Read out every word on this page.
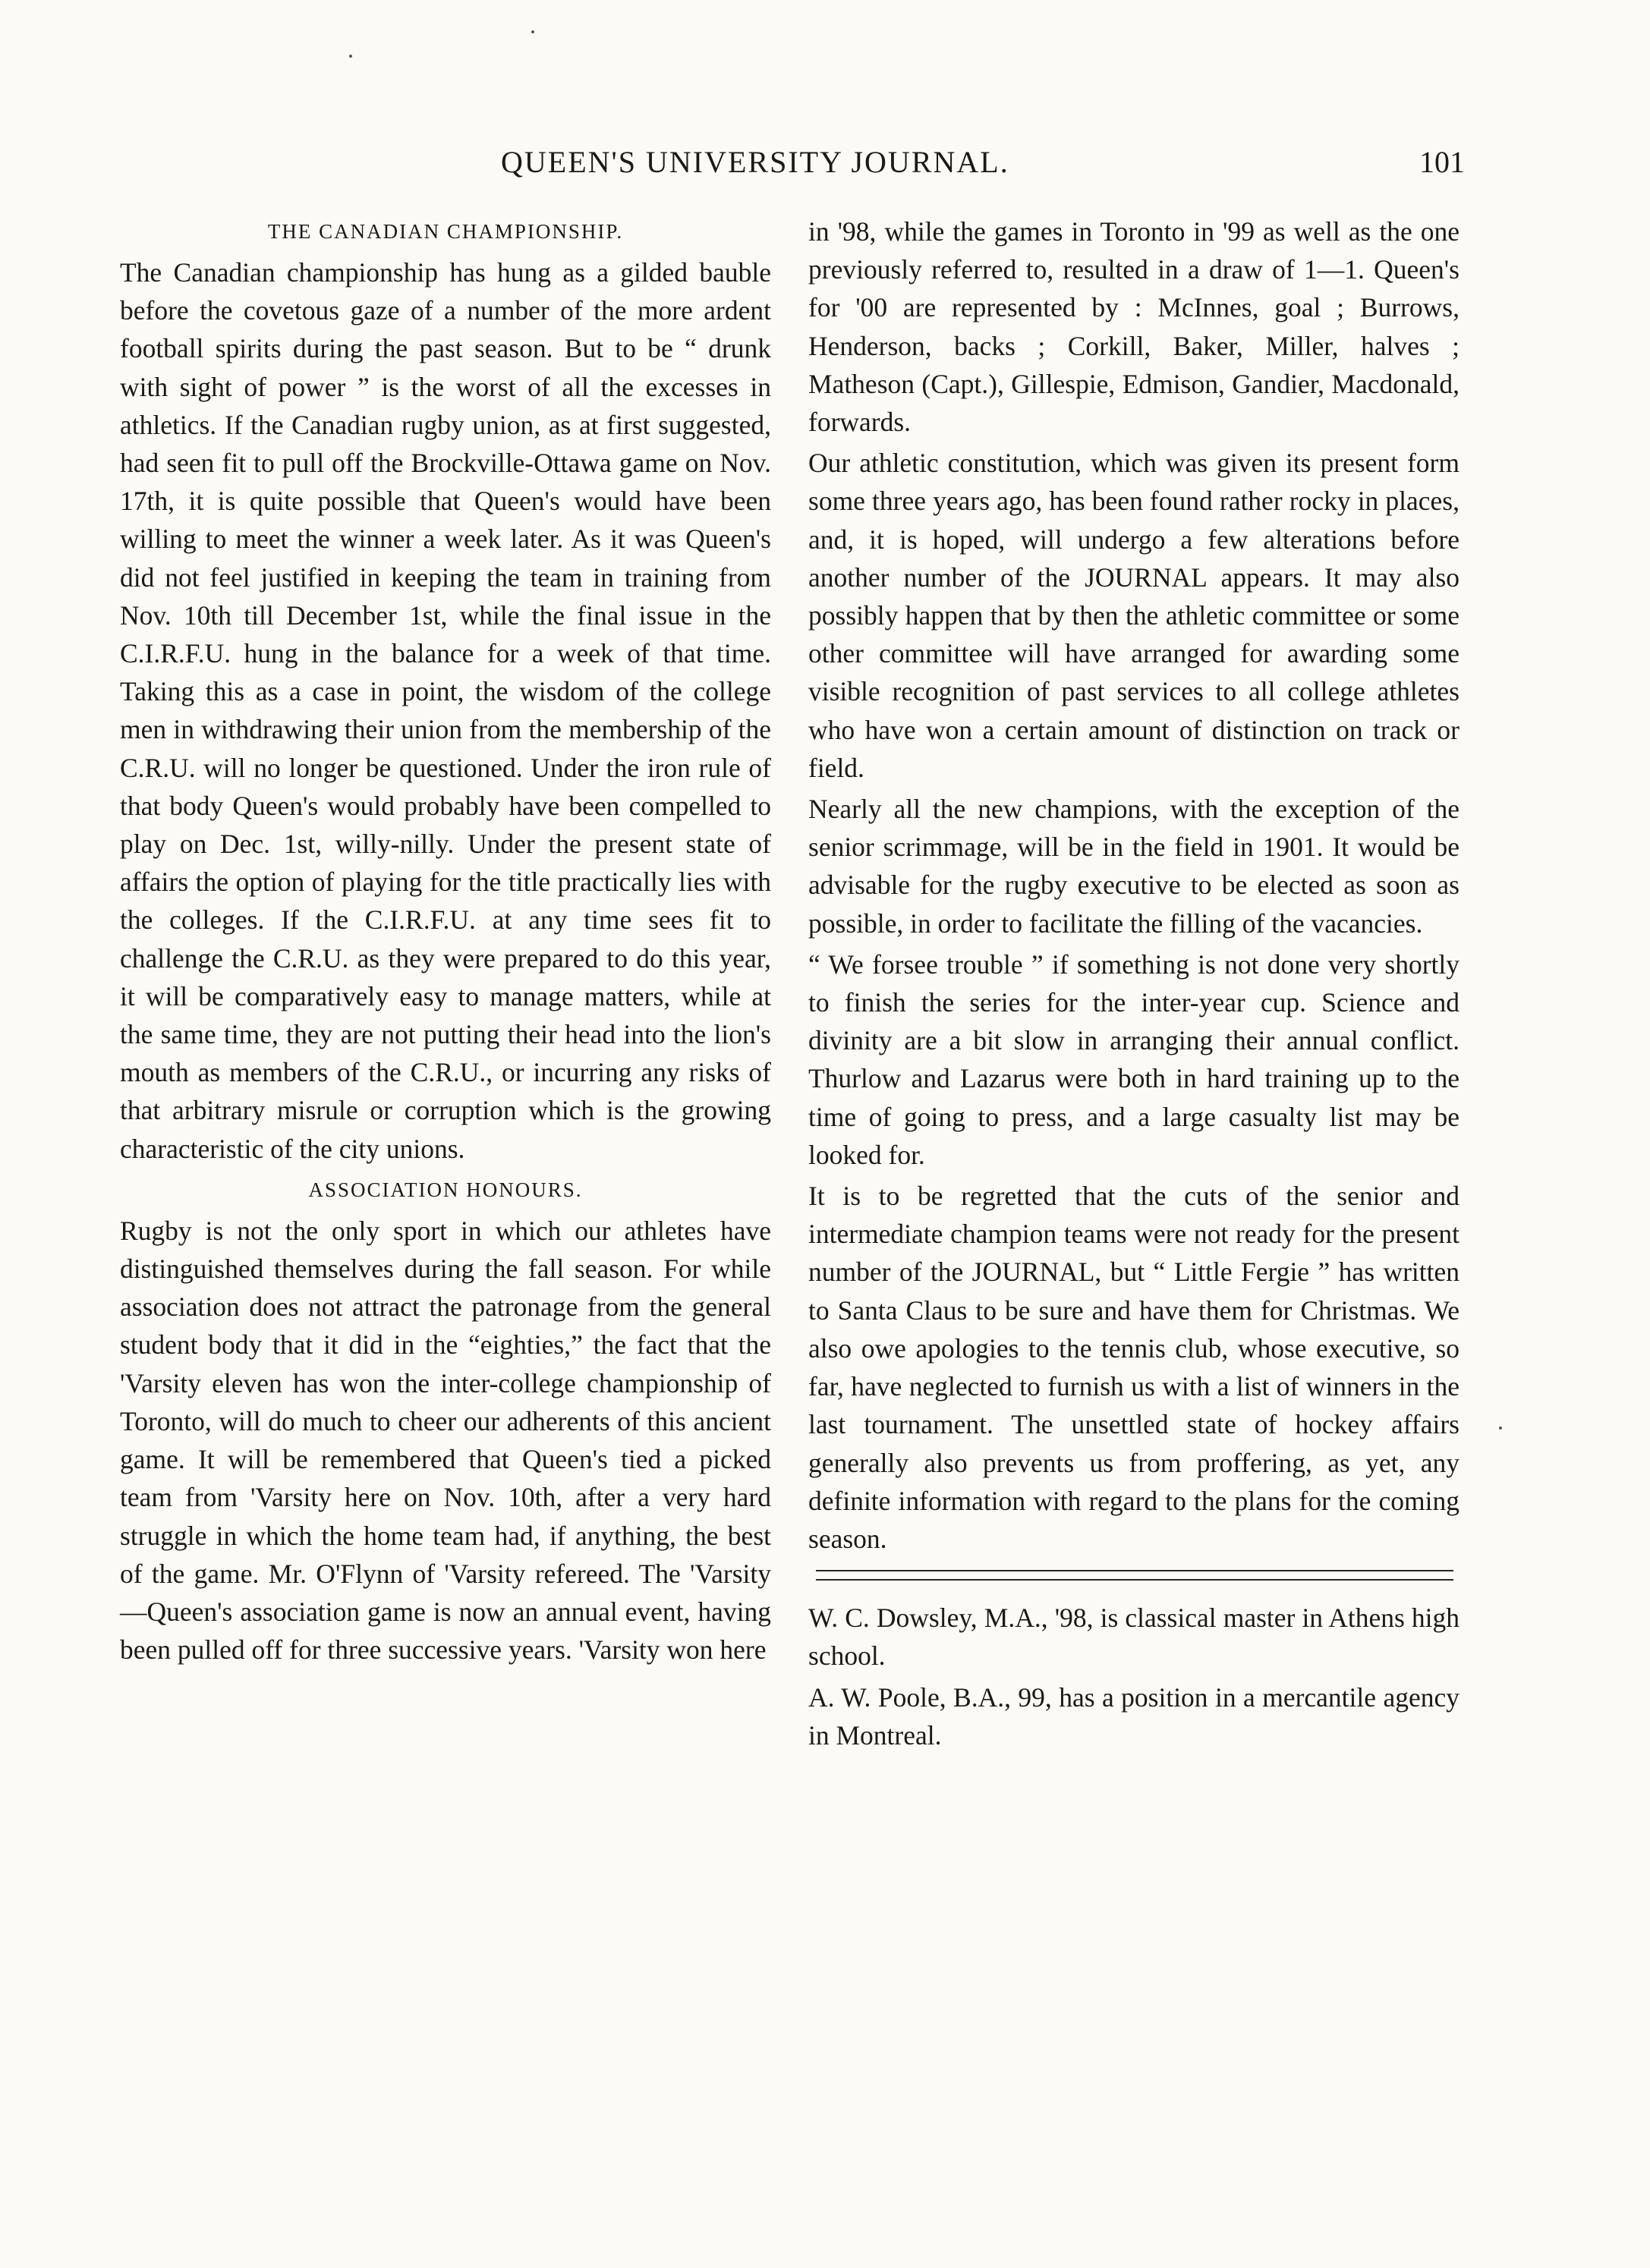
QUEEN'S UNIVERSITY JOURNAL.	101

THE CANADIAN CHAMPIONSHIP.

The Canadian championship has hung as a gilded bauble before the covetous gaze of a number of the more ardent football spirits during the past season. But to be “ drunk with sight of power ” is the worst of all the excesses in athletics. If the Canadian rugby union, as at first suggested, had seen fit to pull off the Brockville-Ottawa game on Nov. 17th, it is quite possible that Queen's would have been willing to meet the winner a week later. As it was Queen's did not feel justified in keeping the team in training from Nov. 10th till December 1st, while the final issue in the C.I.R.F.U. hung in the balance for a week of that time. Taking this as a case in point, the wisdom of the college men in withdrawing their union from the membership of the C.R.U. will no longer be questioned. Under the iron rule of that body Queen's would probably have been compelled to play on Dec. 1st, willy-nilly. Under the present state of affairs the option of playing for the title practically lies with the colleges. If the C.I.R.F.U. at any time sees fit to challenge the C.R.U. as they were prepared to do this year, it will be comparatively easy to manage matters, while at the same time, they are not putting their head into the lion's mouth as members of the C.R.U., or incurring any risks of that arbitrary misrule or corruption which is the growing characteristic of the city unions.

ASSOCIATION HONOURS.

Rugby is not the only sport in which our athletes have distinguished themselves during the fall season. For while association does not attract the patronage from the general student body that it did in the “eighties,” the fact that the 'Varsity eleven has won the inter-college championship of Toronto, will do much to cheer our adherents of this ancient game. It will be remembered that Queen's tied a picked team from 'Varsity here on Nov. 10th, after a very hard struggle in which the home team had, if anything, the best of the game. Mr. O'Flynn of 'Varsity refereed. The 'Varsity—Queen's association game is now an annual event, having been pulled off for three successive years. 'Varsity won here

in '98, while the games in Toronto in '99 as well as the one previously referred to, resulted in a draw of 1—1. Queen's for '00 are represented by : McInnes, goal ; Burrows, Henderson, backs ; Corkill, Baker, Miller, halves ; Matheson (Capt.), Gillespie, Edmison, Gandier, Macdonald, forwards.

Our athletic constitution, which was given its present form some three years ago, has been found rather rocky in places, and, it is hoped, will undergo a few alterations before another number of the JOURNAL appears. It may also possibly happen that by then the athletic committee or some other committee will have arranged for awarding some visible recognition of past services to all college athletes who have won a certain amount of distinction on track or field.

Nearly all the new champions, with the exception of the senior scrimmage, will be in the field in 1901. It would be advisable for the rugby executive to be elected as soon as possible, in order to facilitate the filling of the vacancies.

“ We forsee trouble ” if something is not done very shortly to finish the series for the inter-year cup. Science and divinity are a bit slow in arranging their annual conflict. Thurlow and Lazarus were both in hard training up to the time of going to press, and a large casualty list may be looked for.

It is to be regretted that the cuts of the senior and intermediate champion teams were not ready for the present number of the JOURNAL, but “ Little Fergie ” has written to Santa Claus to be sure and have them for Christmas. We also owe apologies to the tennis club, whose executive, so far, have neglected to furnish us with a list of winners in the last tournament. The unsettled state of hockey affairs generally also prevents us from proffering, as yet, any definite information with regard to the plans for the coming season.

W. C. Dowsley, M.A., '98, is classical master in Athens high school.

A. W. Poole, B.A., 99, has a position in a mercantile agency in Montreal.
